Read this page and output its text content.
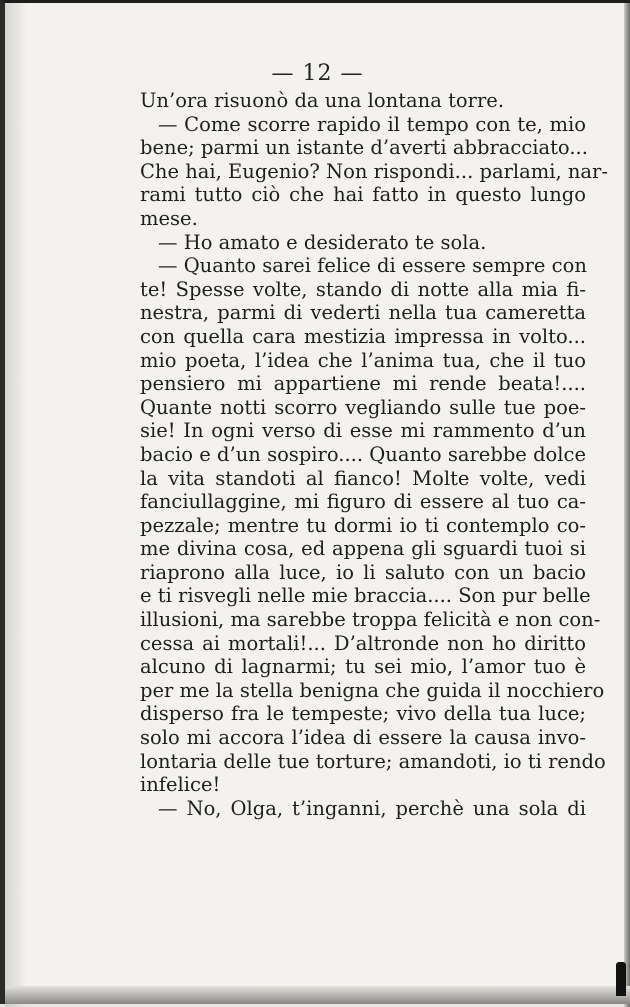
— 12 —
Un’ora risuonò da una lontana torre.
— Come scorre rapido il tempo con te, mio
bene; parmi un istante d’averti abbracciato...
Che hai, Eugenio? Non rispondi... parlami, nar-
rami tutto ciò che hai fatto in questo lungo
mese.
— Ho amato e desiderato te sola.
— Quanto sarei felice di essere sempre con
te! Spesse volte, stando di notte alla mia fi-
nestra, parmi di vederti nella tua cameretta
con quella cara mestizia impressa in volto...
mio poeta, l’idea che l’anima tua, che il tuo
pensiero mi appartiene mi rende beata!....
Quante notti scorro vegliando sulle tue poe-
sie! In ogni verso di esse mi rammento d’un
bacio e d’un sospiro.... Quanto sarebbe dolce
la vita standoti al fianco! Molte volte, vedi
fanciullaggine, mi figuro di essere al tuo ca-
pezzale; mentre tu dormi io ti contemplo co-
me divina cosa, ed appena gli sguardi tuoi si
riaprono alla luce, io li saluto con un bacio
e ti risvegli nelle mie braccia.... Son pur belle
illusioni, ma sarebbe troppa felicità e non con-
cessa ai mortali!... D’altronde non ho diritto
alcuno di lagnarmi; tu sei mio, l’amor tuo è
per me la stella benigna che guida il nocchiero
disperso fra le tempeste; vivo della tua luce;
solo mi accora l’idea di essere la causa invo-
lontaria delle tue torture; amandoti, io ti rendo
infelice!
— No, Olga, t’inganni, perchè una sola di
